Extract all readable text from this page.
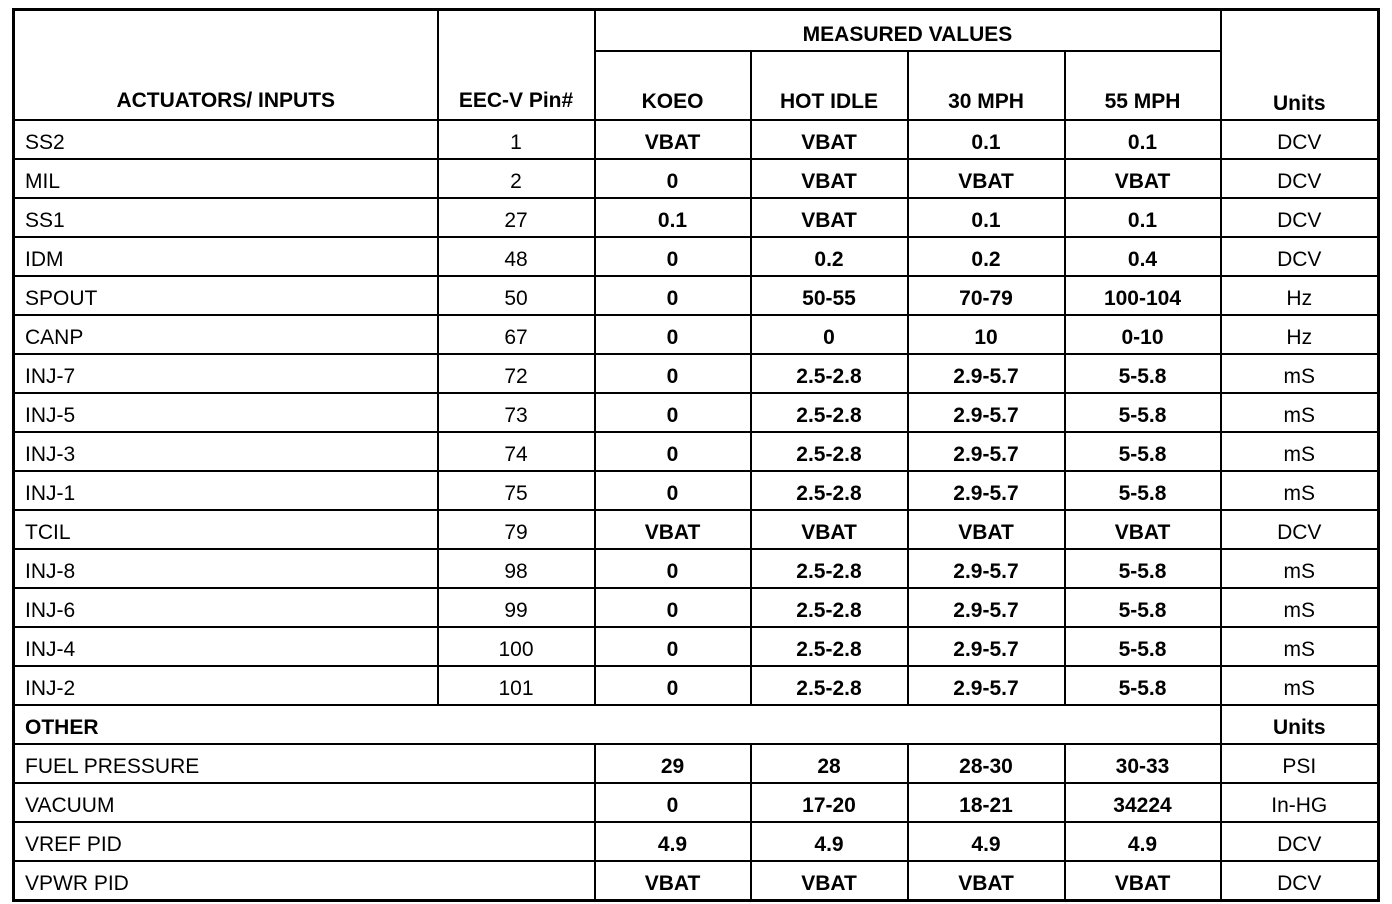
ACTUATORS/ INPUTS	EEC-V Pin#	MEASURED VALUES				Units
		KOEO	HOT IDLE	30 MPH	55 MPH	
SS2	1	VBAT	VBAT	0.1	0.1	DCV
MIL	2	0	VBAT	VBAT	VBAT	DCV
SS1	27	0.1	VBAT	0.1	0.1	DCV
IDM	48	0	0.2	0.2	0.4	DCV
SPOUT	50	0	50-55	70-79	100-104	Hz
CANP	67	0	0	10	0-10	Hz
INJ-7	72	0	2.5-2.8	2.9-5.7	5-5.8	mS
INJ-5	73	0	2.5-2.8	2.9-5.7	5-5.8	mS
INJ-3	74	0	2.5-2.8	2.9-5.7	5-5.8	mS
INJ-1	75	0	2.5-2.8	2.9-5.7	5-5.8	mS
TCIL	79	VBAT	VBAT	VBAT	VBAT	DCV
INJ-8	98	0	2.5-2.8	2.9-5.7	5-5.8	mS
INJ-6	99	0	2.5-2.8	2.9-5.7	5-5.8	mS
INJ-4	100	0	2.5-2.8	2.9-5.7	5-5.8	mS
INJ-2	101	0	2.5-2.8	2.9-5.7	5-5.8	mS
OTHER						Units
FUEL PRESSURE		29	28	28-30	30-33	PSI
VACUUM		0	17-20	18-21	34224	In-HG
VREF PID		4.9	4.9	4.9	4.9	DCV
VPWR PID		VBAT	VBAT	VBAT	VBAT	DCV
